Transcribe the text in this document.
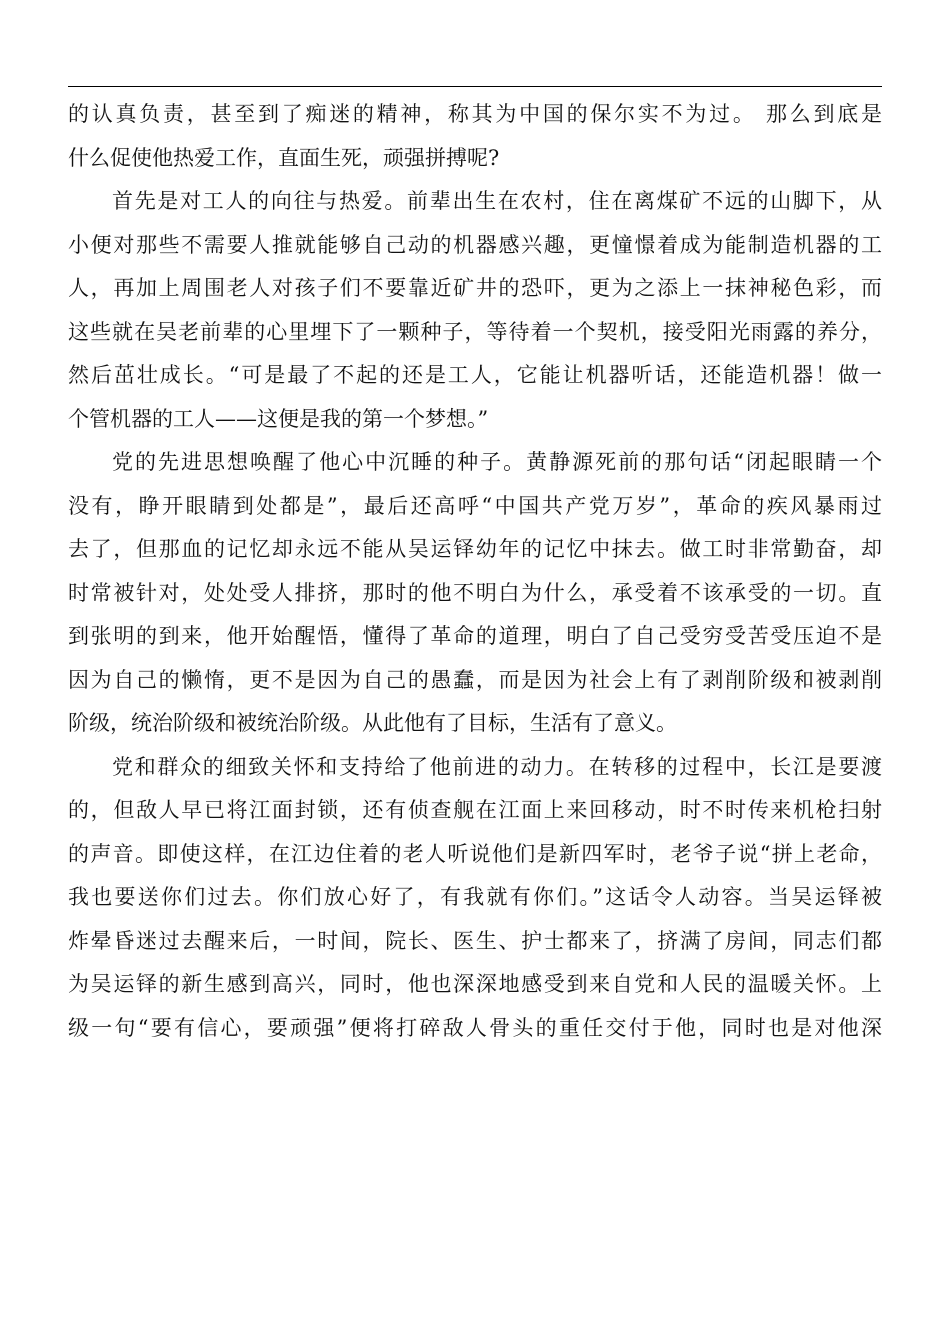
的认真负责，甚至到了痴迷的精神，称其为中国的保尔实不为过。 那么到底是
什么促使他热爱工作，直面生死，顽强拼搏呢?
首先是对工人的向往与热爱。前辈出生在农村，住在离煤矿不远的山脚下，从
小便对那些不需要人推就能够自己动的机器感兴趣，更憧憬着成为能制造机器的工
人，再加上周围老人对孩子们不要靠近矿井的恐吓，更为之添上一抹神秘色彩，而
这些就在吴老前辈的心里埋下了一颗种子，等待着一个契机，接受阳光雨露的养分，
然后茁壮成长。“可是最了不起的还是工人，它能让机器听话，还能造机器！做一
个管机器的工人——这便是我的第一个梦想。”
党的先进思想唤醒了他心中沉睡的种子。黄静源死前的那句话“闭起眼睛一个
没有，睁开眼睛到处都是”，最后还高呼“中国共产党万岁”，革命的疾风暴雨过
去了，但那血的记忆却永远不能从吴运铎幼年的记忆中抹去。做工时非常勤奋，却
时常被针对，处处受人排挤，那时的他不明白为什么，承受着不该承受的一切。直
到张明的到来，他开始醒悟，懂得了革命的道理，明白了自己受穷受苦受压迫不是
因为自己的懒惰，更不是因为自己的愚蠢，而是因为社会上有了剥削阶级和被剥削
阶级，统治阶级和被统治阶级。从此他有了目标，生活有了意义。
党和群众的细致关怀和支持给了他前进的动力。在转移的过程中，长江是要渡
的，但敌人早已将江面封锁，还有侦查舰在江面上来回移动，时不时传来机枪扫射
的声音。即使这样，在江边住着的老人听说他们是新四军时，老爷子说“拼上老命，
我也要送你们过去。你们放心好了，有我就有你们。”这话令人动容。当吴运铎被
炸晕昏迷过去醒来后，一时间，院长、医生、护士都来了，挤满了房间，同志们都
为吴运铎的新生感到高兴，同时，他也深深地感受到来自党和人民的温暖关怀。上
级一句“要有信心，要顽强”便将打碎敌人骨头的重任交付于他，同时也是对他深
